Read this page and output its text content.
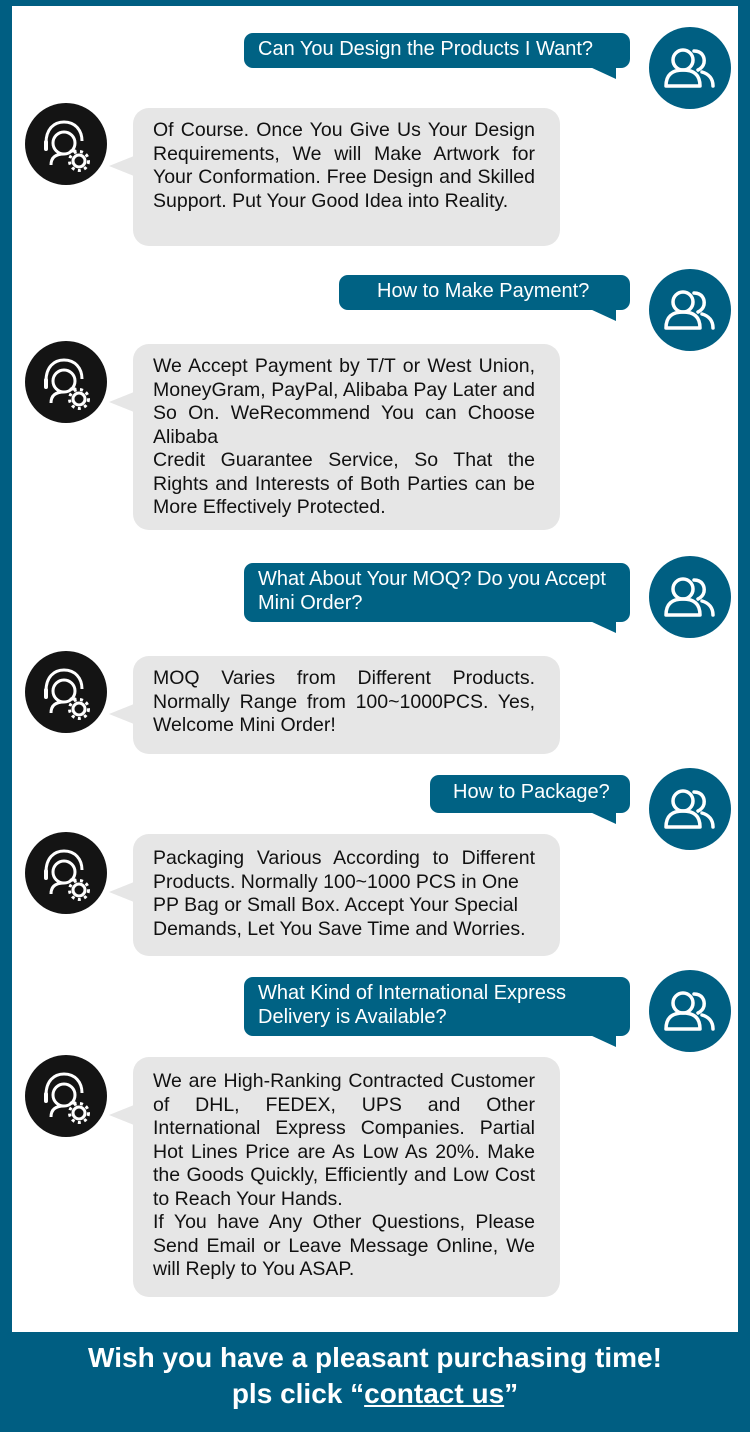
Can You Design the Products I Want?
Of Course. Once You Give Us Your Design Requirements, We will Make Artwork for Your Conformation. Free Design and Skilled Support. Put Your Good Idea into Reality.
How to Make Payment?
We Accept Payment by T/T or West Union, MoneyGram, PayPal, Alibaba Pay Later and So On. WeRecommend You can Choose Alibaba
Credit Guarantee Service, So That the Rights and Interests of Both Parties can be More Effectively Protected.
What About Your MOQ? Do you Accept
Mini Order?
MOQ Varies from Different Products. Normally Range from 100~1000PCS. Yes, Welcome Mini Order!
How to Package?
Packaging Various According to Different Products. Normally 100~1000 PCS in One
PP Bag or Small Box. Accept Your Special
Demands, Let You Save Time and Worries.
What Kind of International Express
Delivery is Available?
We are High-Ranking Contracted Customer of DHL, FEDEX, UPS and Other International Express Companies. Partial Hot Lines Price are As Low As 20%. Make the Goods Quickly, Efficiently and Low Cost to Reach Your Hands.
If You have Any Other Questions, Please Send Email or Leave Message Online, We will Reply to You ASAP.
Wish you have a pleasant purchasing time!
pls click “contact us”
